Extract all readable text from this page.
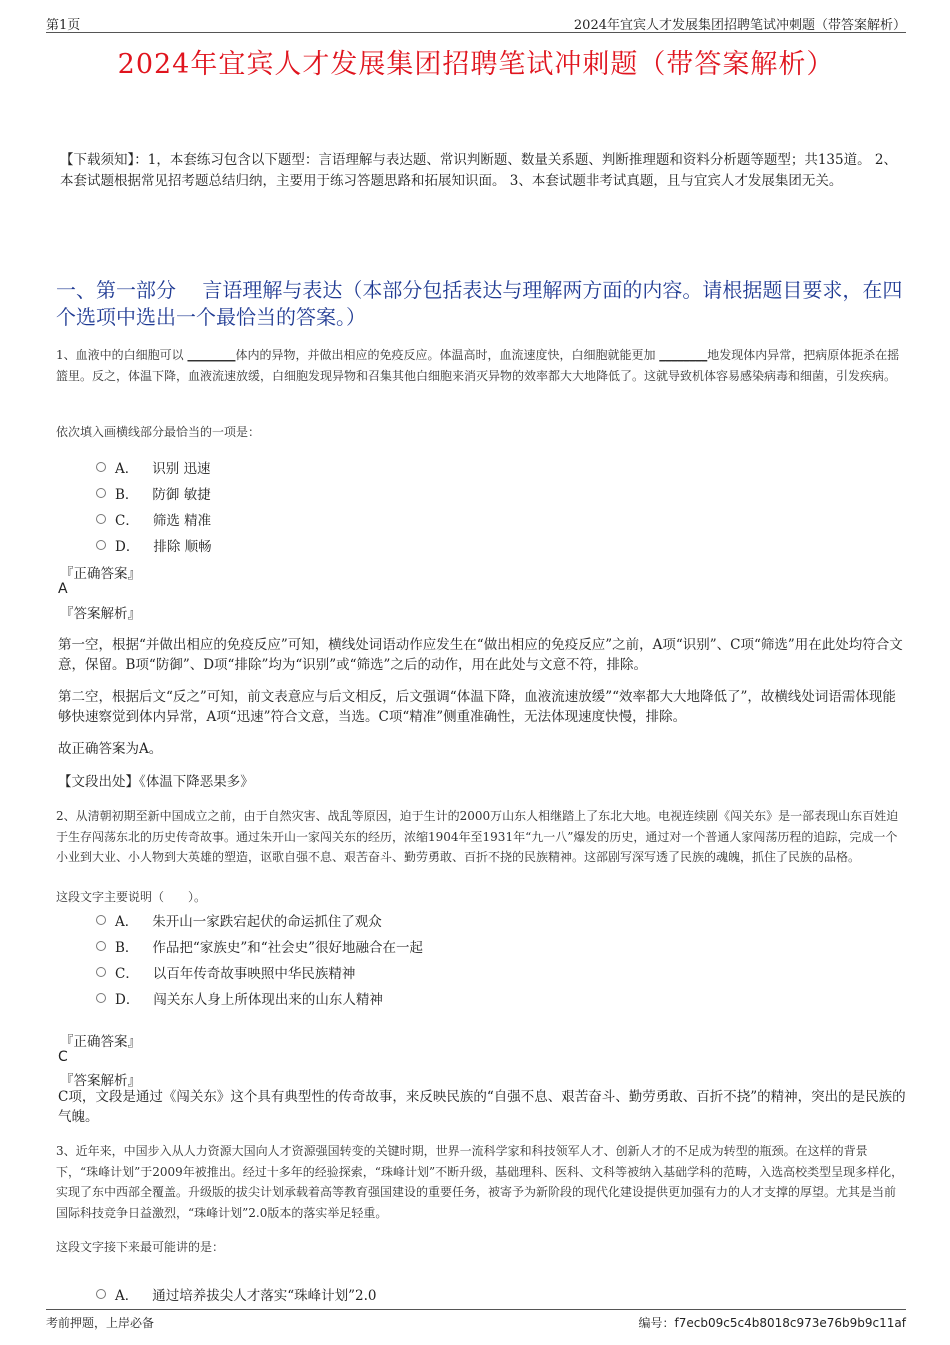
第1页	2024年宜宾人才发展集团招聘笔试冲刺题（带答案解析）
2024年宜宾人才发展集团招聘笔试冲刺题（带答案解析）
【下载须知】：1，本套练习包含以下题型：言语理解与表达题、常识判断题、数量关系题、判断推理题和资料分析题等题型；共135道。 2、本套试题根据常见招考题总结归纳，主要用于练习答题思路和拓展知识面。 3、本套试题非考试真题，且与宜宾人才发展集团无关。
一、第一部分　 言语理解与表达（本部分包括表达与理解两方面的内容。请根据题目要求，在四个选项中选出一个最恰当的答案。）
1、血液中的白细胞可以 ________体内的异物，并做出相应的免疫反应。体温高时，血流速度快，白细胞就能更加 ________地发现体内异常，把病原体扼杀在摇篮里。反之，体温下降，血液流速放缓，白细胞发现异物和召集其他白细胞来消灭异物的效率都大大地降低了。这就导致机体容易感染病毒和细菌，引发疾病。
依次填入画横线部分最恰当的一项是：
A． 识别 迅速
B． 防御 敏捷
C． 筛选 精准
D． 排除 顺畅
『正确答案』
A
『答案解析』
第一空，根据“并做出相应的免疫反应”可知，横线处词语动作应发生在“做出相应的免疫反应”之前，A项“识别”、C项“筛选”用在此处均符合文意，保留。B项“防御”、D项“排除”均为“识别”或“筛选”之后的动作，用在此处与文意不符，排除。
第二空，根据后文“反之”可知，前文表意应与后文相反，后文强调“体温下降，血液流速放缓”“效率都大大地降低了”，故横线处词语需体现能够快速察觉到体内异常，A项“迅速”符合文意，当选。C项“精准”侧重准确性，无法体现速度快慢，排除。
故正确答案为A。
【文段出处】《体温下降恶果多》
2、从清朝初期至新中国成立之前，由于自然灾害、战乱等原因，迫于生计的2000万山东人相继踏上了东北大地。电视连续剧《闯关东》是一部表现山东百姓迫于生存闯荡东北的历史传奇故事。通过朱开山一家闯关东的经历，浓缩1904年至1931年“九一八”爆发的历史，通过对一个普通人家闯荡历程的追踪，完成一个小业到大业、小人物到大英雄的塑造，讴歌自强不息、艰苦奋斗、勤劳勇敢、百折不挠的民族精神。这部剧写深写透了民族的魂魄，抓住了民族的品格。
这段文字主要说明（　　）。
A． 朱开山一家跌宕起伏的命运抓住了观众
B． 作品把“家族史”和“社会史”很好地融合在一起
C． 以百年传奇故事映照中华民族精神
D． 闯关东人身上所体现出来的山东人精神
『正确答案』
C
『答案解析』
C项，文段是通过《闯关东》这个具有典型性的传奇故事，来反映民族的“自强不息、艰苦奋斗、勤劳勇敢、百折不挠”的精神，突出的是民族的气魄。
3、近年来，中国步入从人力资源大国向人才资源强国转变的关键时期，世界一流科学家和科技领军人才、创新人才的不足成为转型的瓶颈。在这样的背景下，“珠峰计划”于2009年被推出。经过十多年的经验探索，“珠峰计划”不断升级，基础理科、医科、文科等被纳入基础学科的范畴，入选高校类型呈现多样化，实现了东中西部全覆盖。升级版的拔尖计划承载着高等教育强国建设的重要任务，被寄予为新阶段的现代化建设提供更加强有力的人才支撑的厚望。尤其是当前国际科技竞争日益激烈，“珠峰计划”2.0版本的落实举足轻重。
这段文字接下来最可能讲的是：
A． 通过培养拔尖人才落实“珠峰计划”2.0
考前押题，上岸必备	编号：f7ecb09c5c4b8018c973e76b9b9c11af
